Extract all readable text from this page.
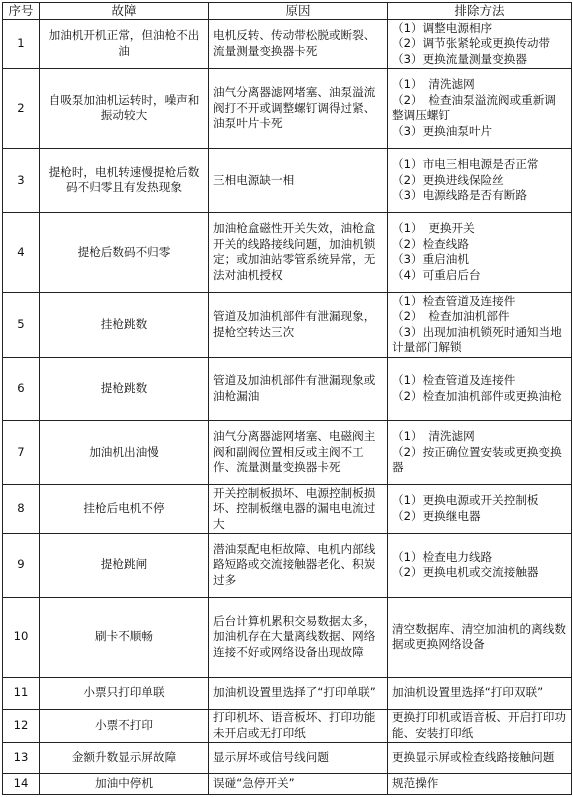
序号	故障	原因	排除方法
1	加油机开机正常，但油枪不出油	电机反转、传动带松脱或断裂、流量测量变换器卡死	（1）调整电源相序
（2）调节张紧轮或更换传动带
（3）更换流量测量变换器

2	自吸泵加油机运转时，噪声和振动较大	油气分离器滤网堵塞、油泵溢流阀打不开或调整螺钉调得过紧、油泵叶片卡死	（1）　清洗滤网
（2）　检查油泵溢流阀或重新调整调压螺钉
（3）更换油泵叶片

3	提枪时，电机转速慢提枪后数码不归零且有发热现象	三相电源缺一相	（1）市电三相电源是否正常
（2）更换进线保险丝
（3）电源线路是否有断路

4	提枪后数码不归零	加油枪盒磁性开关失效，油枪盒开关的线路接线问题，加油机锁定；或加油站零管系统异常，无法对油机授权	（1）　更换开关
（2）检查线路
（3）重启油机
（4）可重启后台

5	挂枪跳数	管道及加油机部件有泄漏现象，提枪空转达三次	（1）检查管道及连接件
（2）　检查加油机部件
（3）出现加油机锁死时通知当地计量部门解锁

6	提枪跳数	管道及加油机部件有泄漏现象或油枪漏油	（1）检查管道及连接件
（2）检查加油机部件或更换油枪

7	加油机出油慢	油气分离器滤网堵塞、电磁阀主阀和副阀位置相反或主阀不工作、流量测量变换器卡死	（1）　清洗滤网
（2）按正确位置安装或更换变换器

8	挂枪后电机不停	开关控制板损坏、电源控制板损坏、控制板继电器的漏电电流过大	（1）更换电源或开关控制板
（2）更换继电器

9	提枪跳闸	潜油泵配电柜故障、电机内部线路短路或交流接触器老化、积炭过多	（1）检查电力线路
（2）更换电机或交流接触器

10	刷卡不顺畅	后台计算机累积交易数据太多，加油机存在大量离线数据、网络连接不好或网络设备出现故障	清空数据库、清空加油机的离线数据或更换网络设备

11	小票只打印单联	加油机设置里选择了“打印单联”	加油机设置里选择“打印双联”

12	小票不打印	打印机坏、语音板坏、打印功能未开启或无打印纸	更换打印机或语音板、开启打印功能、安装打印纸

13	金额升数显示屏故障	显示屏坏或信号线问题	更换显示屏或检查线路接触问题

14	加油中停机	误碰“急停开关”	规范操作
